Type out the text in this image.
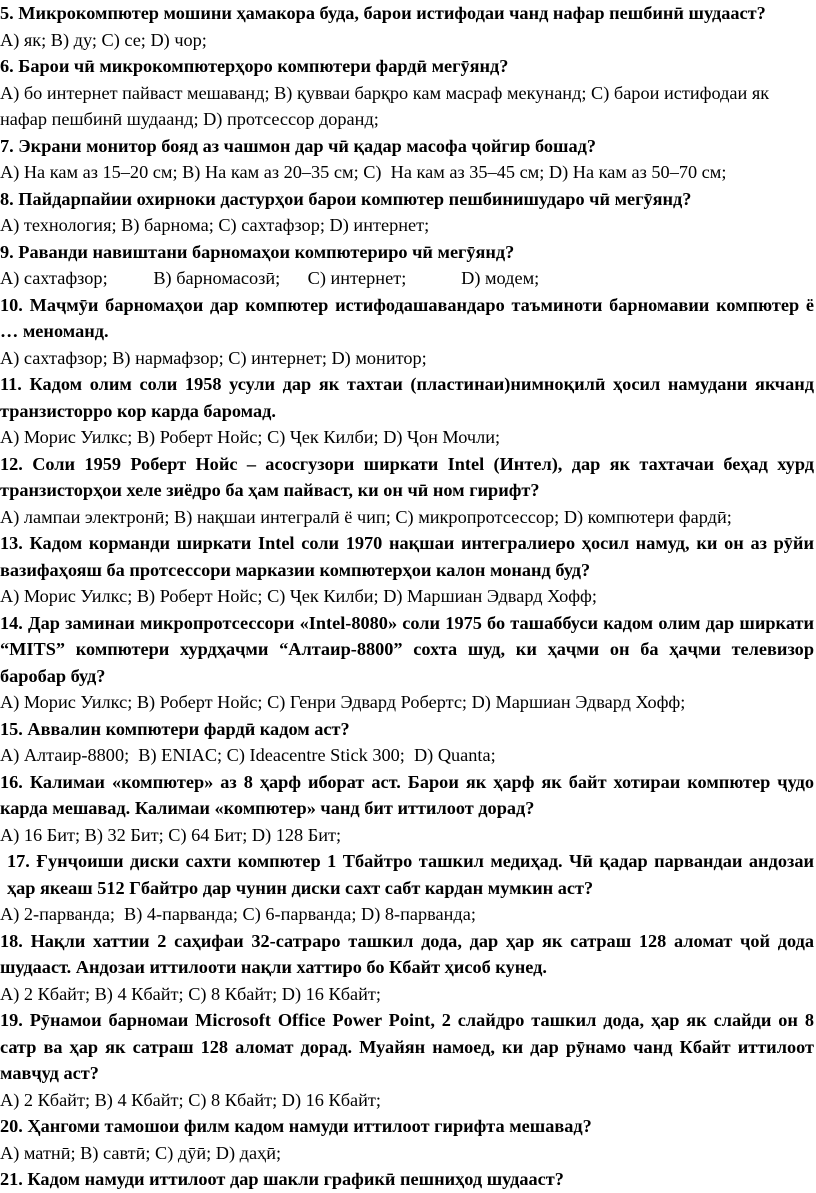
5. Микрокомпютер мошини ҳамакора буда, барои истифодаи чанд нафар пешбинӣ шудааст?

А) як; В) ду; С) се; D) чор;

6. Барои чӣ микрокомпютерҳоро компютери фардӣ мегӯянд?

А) бо интернет пайваст мешаванд; В) қувваи барқро кам масраф мекунанд; С) барои истифодаи як нафар пешбинӣ шудаанд; D) протсессор доранд;

7. Экрани монитор бояд аз чашмон дар чӣ қадар масофа ҷойгир бошад?

А) На кам аз 15–20 см; В) На кам аз 20–35 см; С)  На кам аз 35–45 см; D) На кам аз 50–70 см;

8. Пайдарпайии охирноки дастурҳои барои компютер пешбинишударо чӣ мегӯянд?

А) технология; В) барнома; С) сахтафзор; D) интернет;

9. Раванди навиштани барномаҳои компютериро чӣ мегӯянд?

А) сахтафзор;          В) барномасозӣ;      С) интернет;            D) модем;

10. Маҷмӯи барномаҳои дар компютер истифодашавандаро таъминоти барномавии компютер ё … меноманд.

А) сахтафзор; В) нармафзор; С) интернет; D) монитор;

11. Кадом олим соли 1958 усули дар як тахтаи (пластинаи)нимноқилӣ ҳосил намудани якчанд транзисторро кор карда баромад.

А) Морис Уилкс; В) Роберт Нойс; С) Ҷек Килби; D) Ҷон Мочли;

12. Соли 1959 Роберт Нойс – асосгузори ширкати Intel (Интел), дар як тахтачаи беҳад хурд транзисторҳои хеле зиёдро ба ҳам пайваст, ки он чӣ ном гирифт?

А) лампаи электронӣ; В) нақшаи интегралӣ ё чип; С) микропротсессор; D) компютери фардӣ;

13. Кадом корманди ширкати Intel соли 1970 нақшаи интегралиеро ҳосил намуд, ки он аз рӯйи вазифаҳояш ба протсессори марказии компютерҳои калон монанд буд?

А) Морис Уилкс; В) Роберт Нойс; С) Ҷек Килби; D) Маршиан Эдвард Хофф;

14. Дар заминаи микропротсессори «Intel-8080» соли 1975 бо ташаббуси кадом олим дар ширкати “MITS” компютери хурдҳаҷми “Алтаир-8800” сохта шуд, ки ҳаҷми он ба ҳаҷми телевизор баробар буд?

А) Морис Уилкс; В) Роберт Нойс; С) Генри Эдвард Робертс; D) Маршиан Эдвард Хофф;

15. Аввалин компютери фардӣ кадом аст?

А) Алтаир-8800;  В) ENIAC; С) Ideacentre Stick 300;  D) Quanta;

16. Калимаи «компютер» аз 8 ҳарф иборат аст. Барои як ҳарф як байт хотираи компютер ҷудо карда мешавад. Калимаи «компютер» чанд бит иттилоот дорад?

А) 16 Бит; В) 32 Бит; С) 64 Бит; D) 128 Бит;

17. Ғунҷоиши диски сахти компютер 1 Тбайтро ташкил медиҳад. Чӣ қадар парвандаи андозаи ҳар якеаш 512 Гбайтро дар чунин диски сахт сабт кардан мумкин аст?

А) 2-парванда;  В) 4-парванда; С) 6-парванда; D) 8-парванда;

18. Нақли хаттии 2 саҳифаи 32-сатраро ташкил дода, дар ҳар як сатраш 128 аломат ҷой дода шудааст. Андозаи иттилооти нақли хаттиро бо Кбайт ҳисоб кунед.

А) 2 Кбайт; В) 4 Кбайт; С) 8 Кбайт; D) 16 Кбайт;

19. Рӯнамои барномаи Microsoft Office Power Point, 2 слайдро ташкил дода, ҳар як слайди он 8 сатр ва ҳар як сатраш 128 аломат дорад. Муайян намоед, ки дар рӯнамо чанд Кбайт иттилоот мавҷуд аст?

А) 2 Кбайт; В) 4 Кбайт; С) 8 Кбайт; D) 16 Кбайт;

20. Ҳангоми тамошои филм кадом намуди иттилоот гирифта мешавад?

А) матнӣ; В) савтӣ; С) дӯӣ; D) даҳӣ;

21. Кадом намуди иттилоот дар шакли графикӣ пешниҳод шудааст?
